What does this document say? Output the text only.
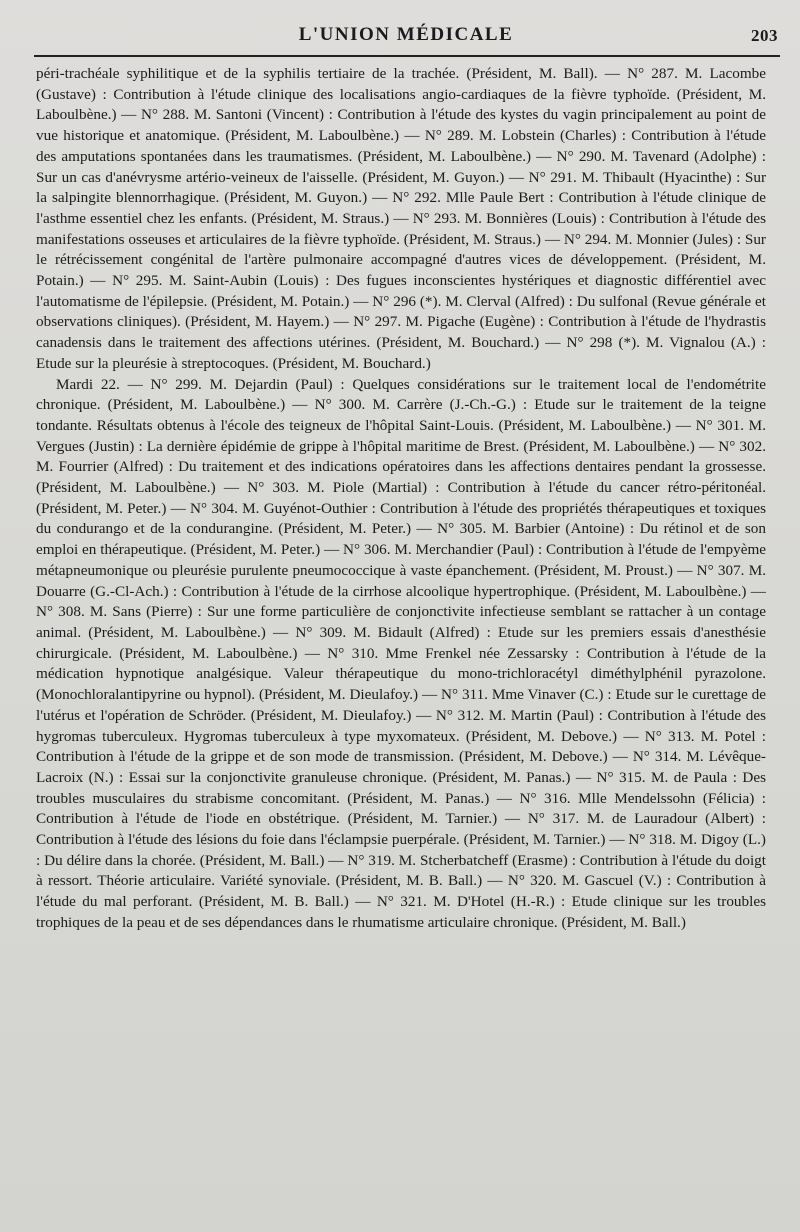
L'UNION MÉDICALE	203

péri-trachéale syphilitique et de la syphilis tertiaire de la trachée. (Président, M. Ball). — N° 287. M. Lacombe (Gustave) : Contribution à l'étude clinique des localisations angio-cardiaques de la fièvre typhoïde. (Président, M. Laboulbène.) — N° 288. M. Santoni (Vincent) : Contribution à l'étude des kystes du vagin principalement au point de vue historique et anatomique. (Président, M. Laboulbène.) — N° 289. M. Lobstein (Charles) : Contribution à l'étude des amputations spontanées dans les traumatismes. (Président, M. Laboulbène.) — N° 290. M. Tavenard (Adolphe) : Sur un cas d'anévrysme artério-veineux de l'aisselle. (Président, M. Guyon.) — N° 291. M. Thibault (Hyacinthe) : Sur la salpingite blennorrhagique. (Président, M. Guyon.) — N° 292. Mlle Paule Bert : Contribution à l'étude clinique de l'asthme essentiel chez les enfants. (Président, M. Straus.) — N° 293. M. Bonnières (Louis) : Contribution à l'étude des manifestations osseuses et articulaires de la fièvre typhoïde. (Président, M. Straus.) — N° 294. M. Monnier (Jules) : Sur le rétrécissement congénital de l'artère pulmonaire accompagné d'autres vices de développement. (Président, M. Potain.) — N° 295. M. Saint-Aubin (Louis) : Des fugues inconscientes hystériques et diagnostic différentiel avec l'automatisme de l'épilepsie. (Président, M. Potain.) — N° 296 (*). M. Clerval (Alfred) : Du sulfonal (Revue générale et observations cliniques). (Président, M. Hayem.) — N° 297. M. Pigache (Eugène) : Contribution à l'étude de l'hydrastis canadensis dans le traitement des affections utérines. (Président, M. Bouchard.) — N° 298 (*). M. Vignalou (A.) : Etude sur la pleurésie à streptocoques. (Président, M. Bouchard.)

Mardi 22. — N° 299. M. Dejardin (Paul) : Quelques considérations sur le traitement local de l'endométrite chronique. (Président, M. Laboulbène.) — N° 300. M. Carrère (J.-Ch.-G.) : Etude sur le traitement de la teigne tondante. Résultats obtenus à l'école des teigneux de l'hôpital Saint-Louis. (Président, M. Laboulbène.) — N° 301. M. Vergues (Justin) : La dernière épidémie de grippe à l'hôpital maritime de Brest. (Président, M. Laboulbène.) — N° 302. M. Fourrier (Alfred) : Du traitement et des indications opératoires dans les affections dentaires pendant la grossesse. (Président, M. Laboulbène.) — N° 303. M. Piole (Martial) : Contribution à l'étude du cancer rétro-péritonéal. (Président, M. Peter.) — N° 304. M. Guyénot-Outhier : Contribution à l'étude des propriétés thérapeutiques et toxiques du condurango et de la condurangine. (Président, M. Peter.) — N° 305. M. Barbier (Antoine) : Du rétinol et de son emploi en thérapeutique. (Président, M. Peter.) — N° 306. M. Merchandier (Paul) : Contribution à l'étude de l'empyème métapneumonique ou pleurésie purulente pneumococcique à vaste épanchement. (Président, M. Proust.) — N° 307. M. Douarre (G.-Cl-Ach.) : Contribution à l'étude de la cirrhose alcoolique hypertrophique. (Président, M. Laboulbène.) — N° 308. M. Sans (Pierre) : Sur une forme particulière de conjonctivite infectieuse semblant se rattacher à un contage animal. (Président, M. Laboulbène.) — N° 309. M. Bidault (Alfred) : Etude sur les premiers essais d'anesthésie chirurgicale. (Président, M. Laboulbène.) — N° 310. Mme Frenkel née Zessarsky : Contribution à l'étude de la médication hypnotique analgésique. Valeur thérapeutique du mono-trichloracétyl diméthylphénil pyrazolone. (Monochloralantipyrine ou hypnol). (Président, M. Dieulafoy.) — N° 311. Mme Vinaver (C.) : Etude sur le curettage de l'utérus et l'opération de Schröder. (Président, M. Dieulafoy.) — N° 312. M. Martin (Paul) : Contribution à l'étude des hygromas tuberculeux. Hygromas tuberculeux à type myxomateux. (Président, M. Debove.) — N° 313. M. Potel : Contribution à l'étude de la grippe et de son mode de transmission. (Président, M. Debove.) — N° 314. M. Lévêque-Lacroix (N.) : Essai sur la conjonctivite granuleuse chronique. (Président, M. Panas.) — N° 315. M. de Paula : Des troubles musculaires du strabisme concomitant. (Président, M. Panas.) — N° 316. Mlle Mendelssohn (Félicia) : Contribution à l'étude de l'iode en obstétrique. (Président, M. Tarnier.) — N° 317. M. de Lauradour (Albert) : Contribution à l'étude des lésions du foie dans l'éclampsie puerpérale. (Président, M. Tarnier.) — N° 318. M. Digoy (L.) : Du délire dans la chorée. (Président, M. Ball.) — N° 319. M. Stcherbatcheff (Erasme) : Contribution à l'étude du doigt à ressort. Théorie articulaire. Variété synoviale. (Président, M. B. Ball.) — N° 320. M. Gascuel (V.) : Contribution à l'étude du mal perforant. (Président, M. B. Ball.) — N° 321. M. D'Hotel (H.-R.) : Etude clinique sur les troubles trophiques de la peau et de ses dépendances dans le rhumatisme articulaire chronique. (Président, M. Ball.)
